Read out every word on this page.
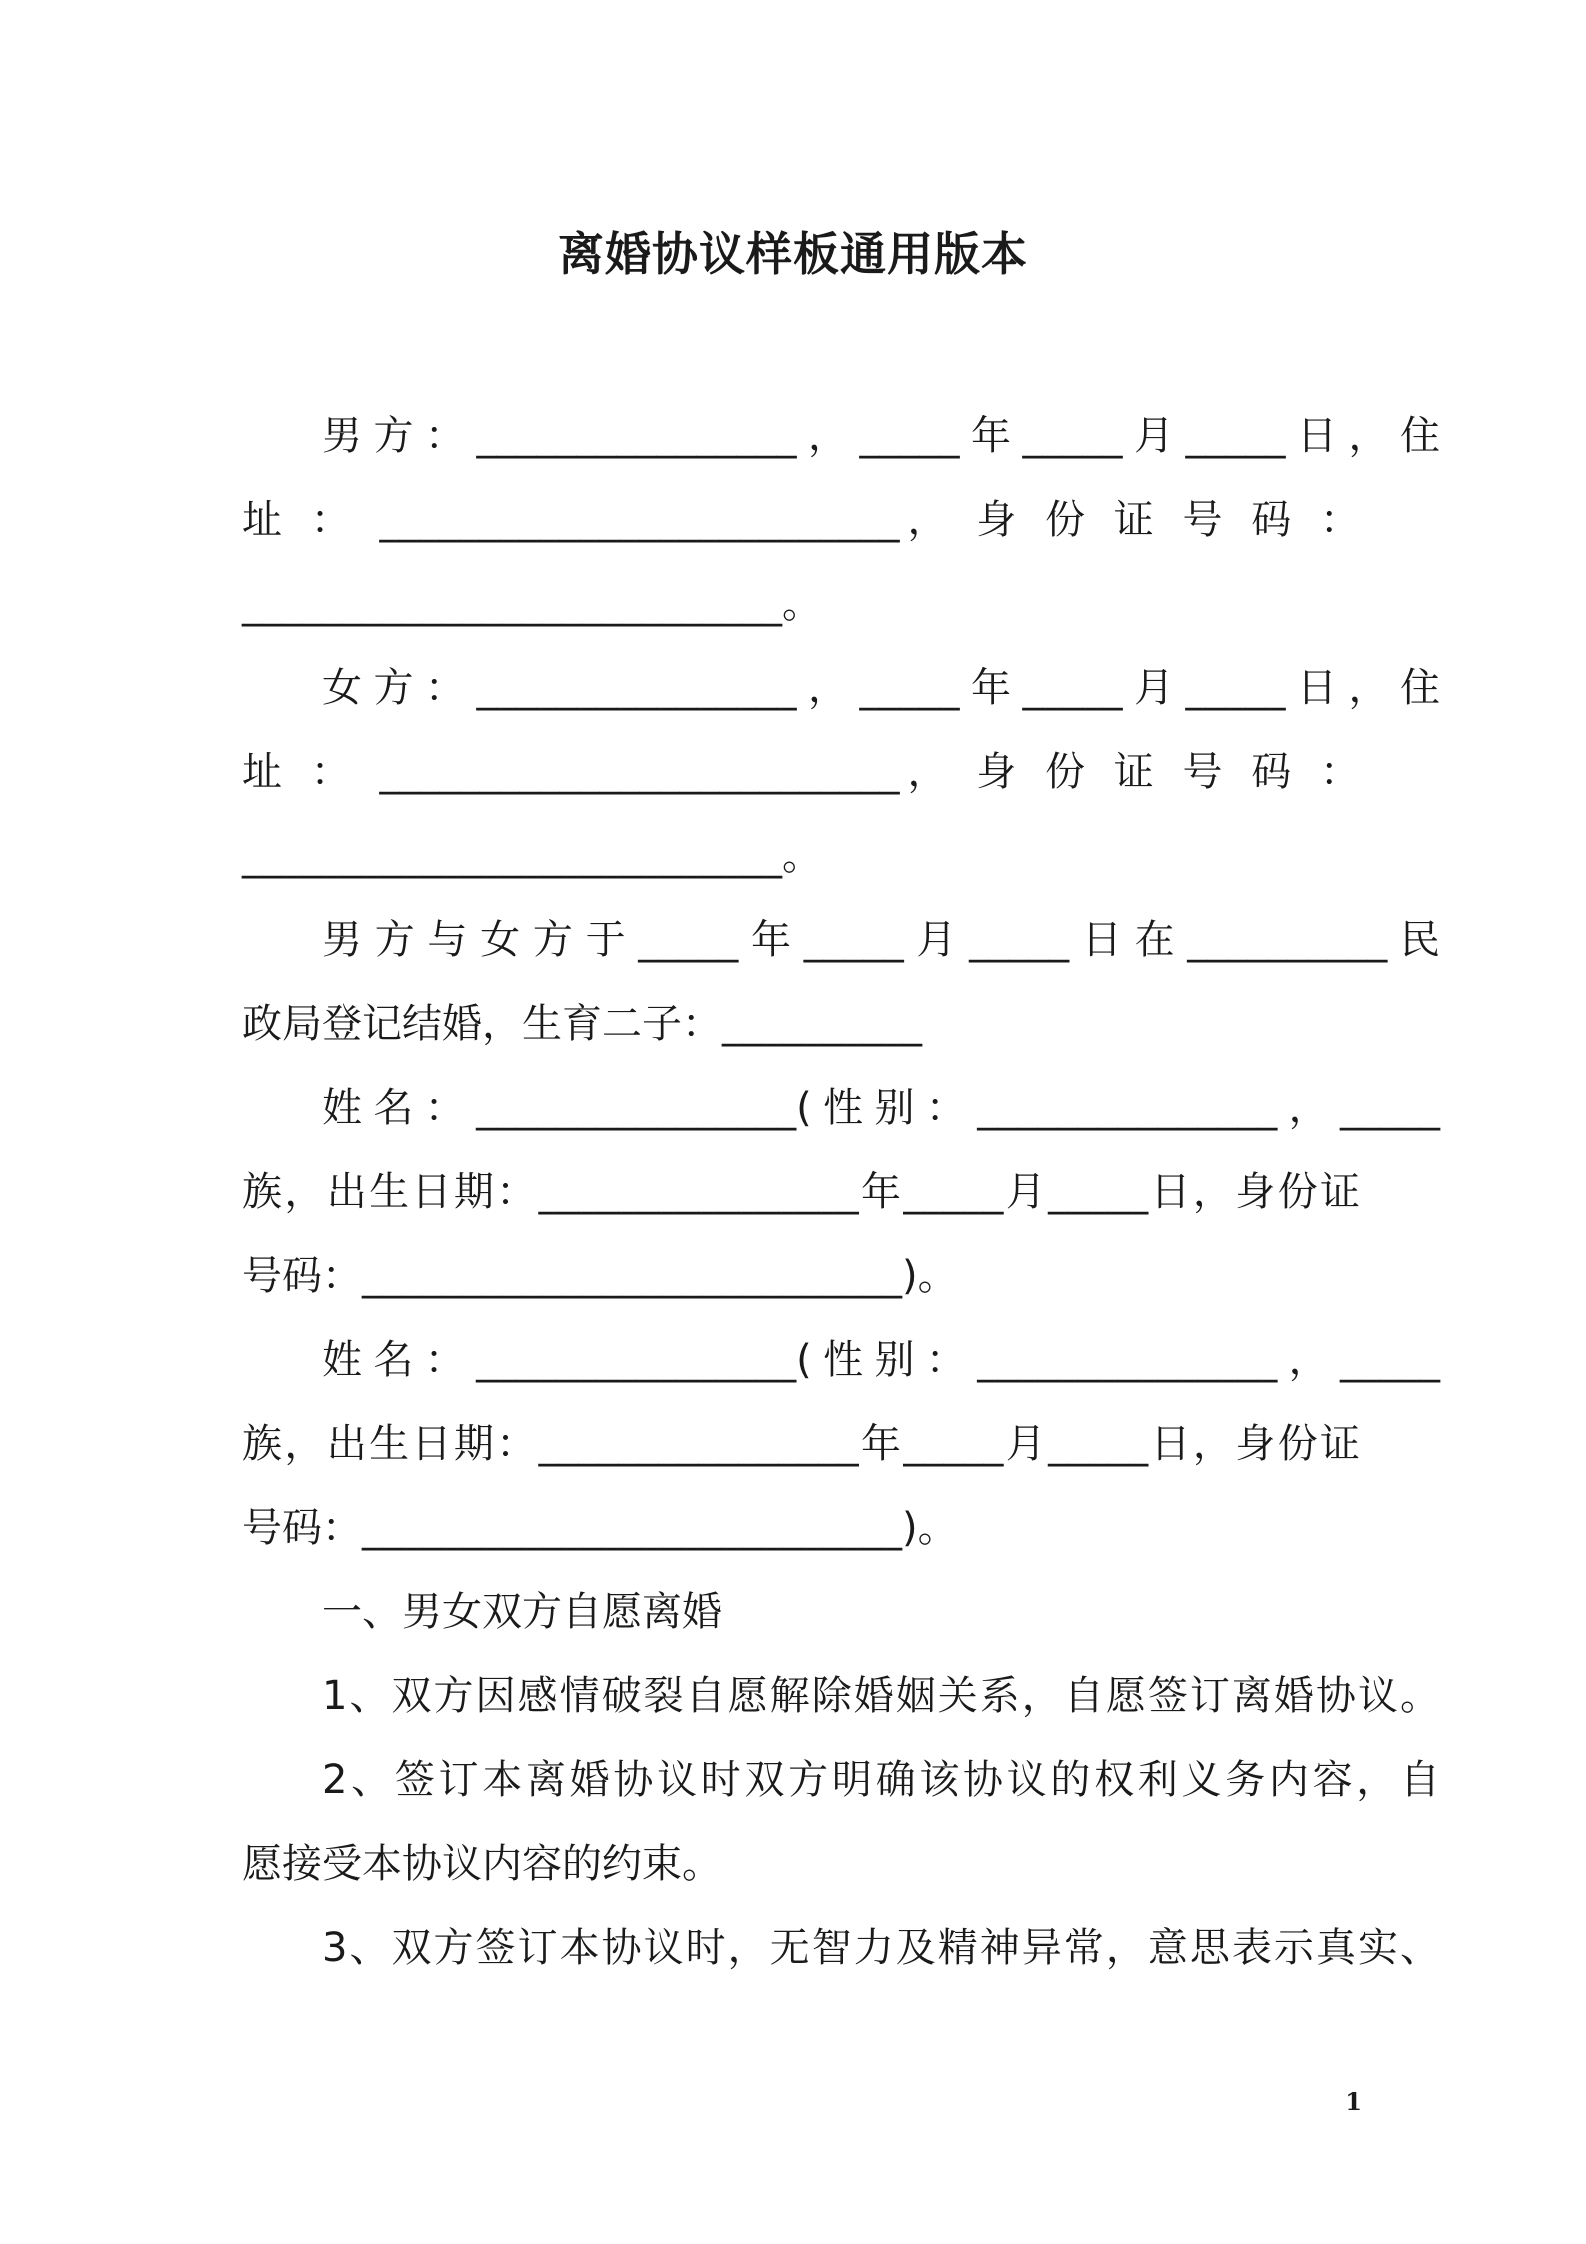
离婚协议样板通用版本
男方：________________，_____年_____月_____日，住
址 ： __________________________， 身 份 证 号 码 ：
___________________________。
女方：________________，_____年_____月_____日，住
址 ： __________________________， 身 份 证 号 码 ：
___________________________。
男方与女方于_____年_____月_____日在__________民
政局登记结婚，生育二子：__________
姓名：________________(性别：_______________，_____
族，出生日期：________________年_____月_____日，身份证
号码：___________________________)。
姓名：________________(性别：_______________，_____
族，出生日期：________________年_____月_____日，身份证
号码：___________________________)。
一、男女双方自愿离婚
1、双方因感情破裂自愿解除婚姻关系，自愿签订离婚协议。
2、签订本离婚协议时双方明确该协议的权利义务内容，自
愿接受本协议内容的约束。
3、双方签订本协议时，无智力及精神异常，意思表示真实、
1
